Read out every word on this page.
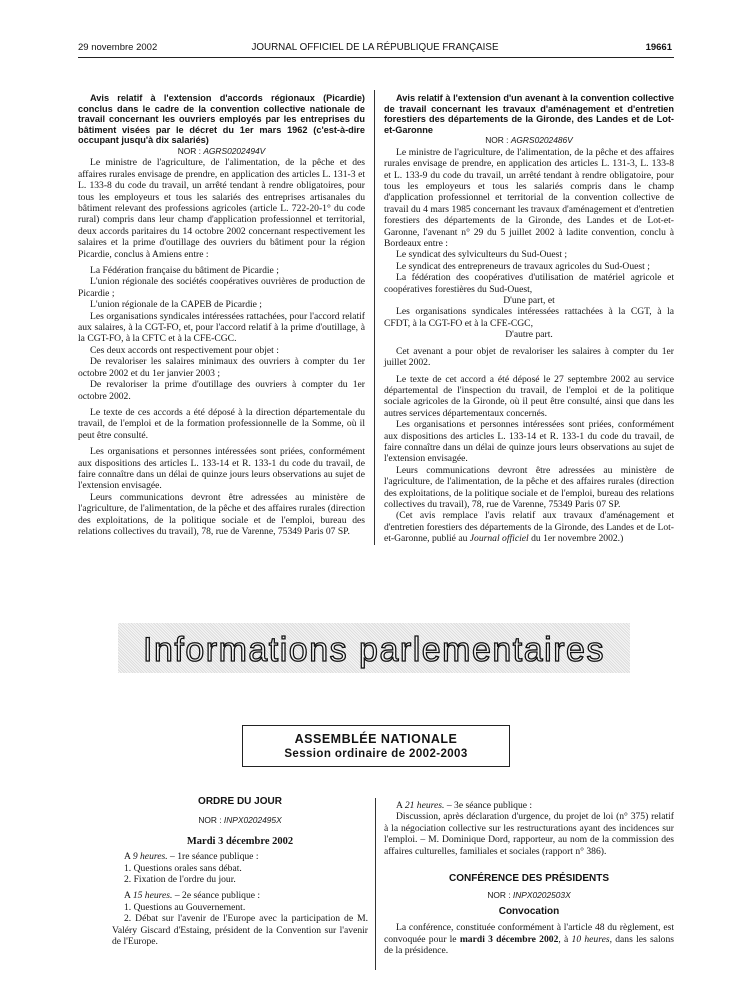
29 novembre 2002	JOURNAL OFFICIEL DE LA RÉPUBLIQUE FRANÇAISE	19661

Avis relatif à l'extension d'accords régionaux (Picardie) conclus dans le cadre de la convention collective nationale de travail concernant les ouvriers employés par les entreprises du bâtiment visées par le décret du 1er mars 1962 (c'est-à-dire occupant jusqu'à dix salariés)

NOR : AGRS0202494V

Le ministre de l'agriculture, de l'alimentation, de la pêche et des affaires rurales envisage de prendre, en application des articles L. 131-3 et L. 133-8 du code du travail, un arrêté tendant à rendre obligatoires, pour tous les employeurs et tous les salariés des entreprises artisanales du bâtiment relevant des professions agricoles (article L. 722-20-1° du code rural) compris dans leur champ d'application professionnel et territorial, deux accords paritaires du 14 octobre 2002 concernant respectivement les salaires et la prime d'outillage des ouvriers du bâtiment pour la région Picardie, conclus à Amiens entre :

La Fédération française du bâtiment de Picardie ;

L'union régionale des sociétés coopératives ouvrières de production de Picardie ;

L'union régionale de la CAPEB de Picardie ;

Les organisations syndicales intéressées rattachées, pour l'accord relatif aux salaires, à la CGT-FO, et, pour l'accord relatif à la prime d'outillage, à la CGT-FO, à la CFTC et à la CFE-CGC.

Ces deux accords ont respectivement pour objet :

De revaloriser les salaires minimaux des ouvriers à compter du 1er octobre 2002 et du 1er janvier 2003 ;

De revaloriser la prime d'outillage des ouvriers à compter du 1er octobre 2002.

Le texte de ces accords a été déposé à la direction départementale du travail, de l'emploi et de la formation professionnelle de la Somme, où il peut être consulté.

Les organisations et personnes intéressées sont priées, conformément aux dispositions des articles L. 133-14 et R. 133-1 du code du travail, de faire connaître dans un délai de quinze jours leurs observations au sujet de l'extension envisagée.

Leurs communications devront être adressées au ministère de l'agriculture, de l'alimentation, de la pêche et des affaires rurales (direction des exploitations, de la politique sociale et de l'emploi, bureau des relations collectives du travail), 78, rue de Varenne, 75349 Paris 07 SP.

Avis relatif à l'extension d'un avenant à la convention collective de travail concernant les travaux d'aménagement et d'entretien forestiers des départements de la Gironde, des Landes et de Lot-et-Garonne

NOR : AGRS0202486V

Le ministre de l'agriculture, de l'alimentation, de la pêche et des affaires rurales envisage de prendre, en application des articles L. 131-3, L. 133-8 et L. 133-9 du code du travail, un arrêté tendant à rendre obligatoire, pour tous les employeurs et tous les salariés compris dans le champ d'application professionnel et territorial de la convention collective de travail du 4 mars 1985 concernant les travaux d'aménagement et d'entretien forestiers des départements de la Gironde, des Landes et de Lot-et-Garonne, l'avenant n° 29 du 5 juillet 2002 à ladite convention, conclu à Bordeaux entre :

Le syndicat des sylviculteurs du Sud-Ouest ;

Le syndicat des entrepreneurs de travaux agricoles du Sud-Ouest ;

La fédération des coopératives d'utilisation de matériel agricole et coopératives forestières du Sud-Ouest,

D'une part, et

Les organisations syndicales intéressées rattachées à la CGT, à la CFDT, à la CGT-FO et à la CFE-CGC,

D'autre part.

Cet avenant a pour objet de revaloriser les salaires à compter du 1er juillet 2002.

Le texte de cet accord a été déposé le 27 septembre 2002 au service départemental de l'inspection du travail, de l'emploi et de la politique sociale agricoles de la Gironde, où il peut être consulté, ainsi que dans les autres services départementaux concernés.

Les organisations et personnes intéressées sont priées, conformément aux dispositions des articles L. 133-14 et R. 133-1 du code du travail, de faire connaître dans un délai de quinze jours leurs observations au sujet de l'extension envisagée.

Leurs communications devront être adressées au ministère de l'agriculture, de l'alimentation, de la pêche et des affaires rurales (direction des exploitations, de la politique sociale et de l'emploi, bureau des relations collectives du travail), 78, rue de Varenne, 75349 Paris 07 SP.

(Cet avis remplace l'avis relatif aux travaux d'aménagement et d'entretien forestiers des départements de la Gironde, des Landes et de Lot-et-Garonne, publié au Journal officiel du 1er novembre 2002.)

Informations parlementaires
ASSEMBLÉE NATIONALE
Session ordinaire de 2002-2003

ORDRE DU JOUR

NOR : INPX0202495X

Mardi 3 décembre 2002

A 9 heures. – 1re séance publique :

1. Questions orales sans débat.

2. Fixation de l'ordre du jour.

A 15 heures. – 2e séance publique :

1. Questions au Gouvernement.

2. Débat sur l'avenir de l'Europe avec la participation de M. Valéry Giscard d'Estaing, président de la Convention sur l'avenir de l'Europe.

A 21 heures. – 3e séance publique :

Discussion, après déclaration d'urgence, du projet de loi (n° 375) relatif à la négociation collective sur les restructurations ayant des incidences sur l'emploi. – M. Dominique Dord, rapporteur, au nom de la commission des affaires culturelles, familiales et sociales (rapport n° 386).

CONFÉRENCE DES PRÉSIDENTS

NOR : INPX0202503X

Convocation

La conférence, constituée conformément à l'article 48 du règlement, est convoquée pour le mardi 3 décembre 2002, à 10 heures, dans les salons de la présidence.
